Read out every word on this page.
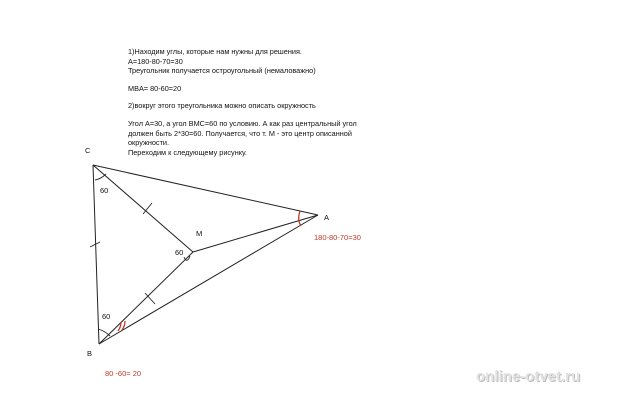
1)Находим углы, которые нам нужны для решения.
A=180-80-70=30
Треугольник получается остроугольный (немаловажно)
MBA= 80-60=20
2)вокруг этого треугольника можно описать окружность
Угол A=30, а угол BMC=60 по условию. А как раз центральный угол
должен быть 2*30=60. Получается, что т. М - это центр описанной
окружности.
Переходим к следующему рисунку.
C
A
B
M
60
60
60
180-80-70=30
80 -60= 20	online-otvet.ru
